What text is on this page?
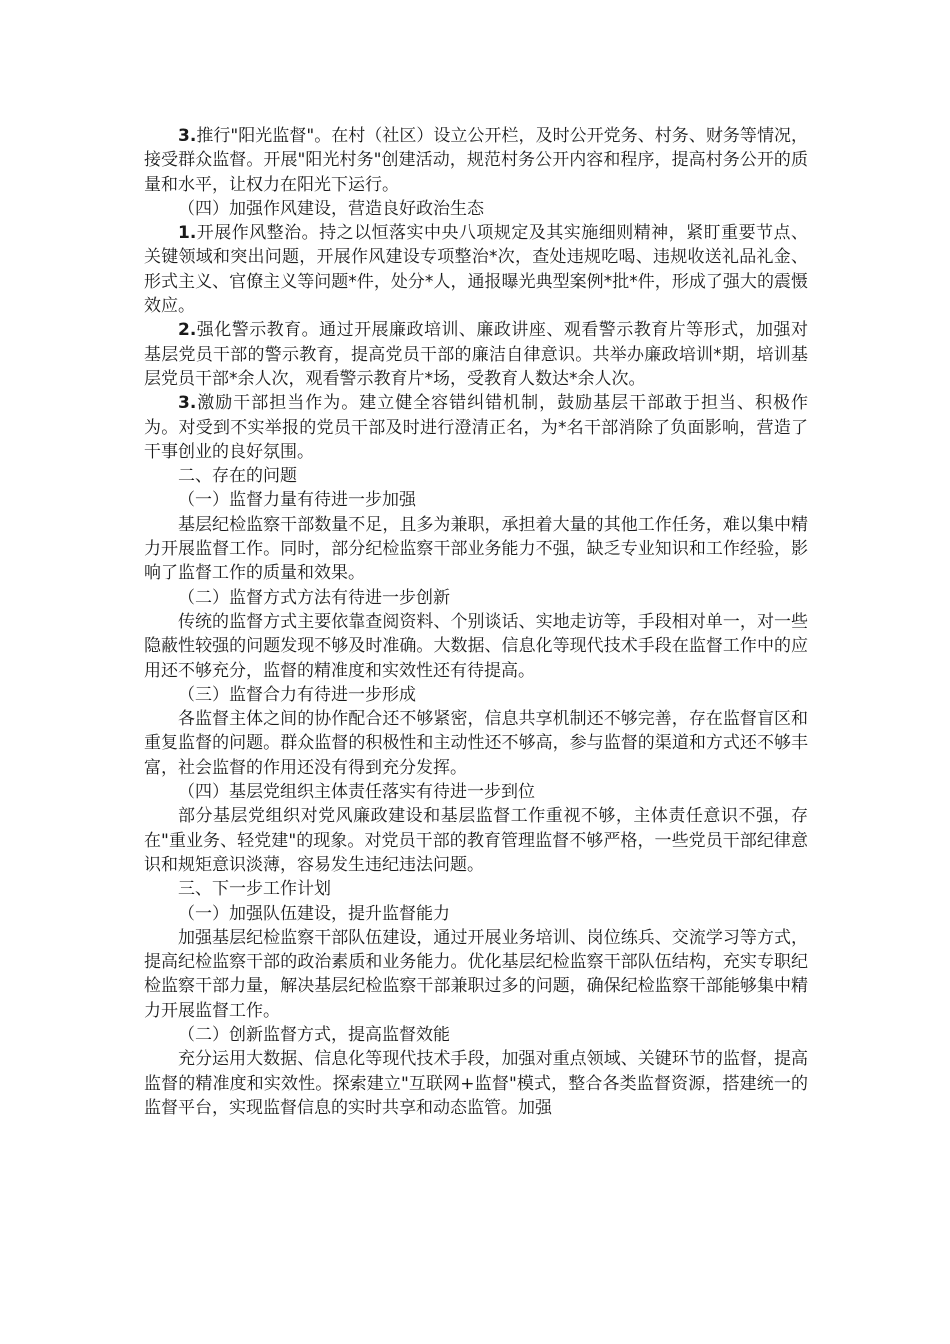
3.推行"阳光监督"。在村（社区）设立公开栏，及时公开党务、村务、财务等情况，接受群众监督。开展"阳光村务"创建活动，规范村务公开内容和程序，提高村务公开的质量和水平，让权力在阳光下运行。

（四）加强作风建设，营造良好政治生态

1.开展作风整治。持之以恒落实中央八项规定及其实施细则精神，紧盯重要节点、关键领域和突出问题，开展作风建设专项整治*次，查处违规吃喝、违规收送礼品礼金、形式主义、官僚主义等问题*件，处分*人，通报曝光典型案例*批*件，形成了强大的震慑效应。

2.强化警示教育。通过开展廉政培训、廉政讲座、观看警示教育片等形式，加强对基层党员干部的警示教育，提高党员干部的廉洁自律意识。共举办廉政培训*期，培训基层党员干部*余人次，观看警示教育片*场，受教育人数达*余人次。

3.激励干部担当作为。建立健全容错纠错机制，鼓励基层干部敢于担当、积极作为。对受到不实举报的党员干部及时进行澄清正名，为*名干部消除了负面影响，营造了干事创业的良好氛围。

二、存在的问题

（一）监督力量有待进一步加强

基层纪检监察干部数量不足，且多为兼职，承担着大量的其他工作任务，难以集中精力开展监督工作。同时，部分纪检监察干部业务能力不强，缺乏专业知识和工作经验，影响了监督工作的质量和效果。

（二）监督方式方法有待进一步创新

传统的监督方式主要依靠查阅资料、个别谈话、实地走访等，手段相对单一，对一些隐蔽性较强的问题发现不够及时准确。大数据、信息化等现代技术手段在监督工作中的应用还不够充分，监督的精准度和实效性还有待提高。

（三）监督合力有待进一步形成

各监督主体之间的协作配合还不够紧密，信息共享机制还不够完善，存在监督盲区和重复监督的问题。群众监督的积极性和主动性还不够高，参与监督的渠道和方式还不够丰富，社会监督的作用还没有得到充分发挥。

（四）基层党组织主体责任落实有待进一步到位

部分基层党组织对党风廉政建设和基层监督工作重视不够，主体责任意识不强，存在"重业务、轻党建"的现象。对党员干部的教育管理监督不够严格，一些党员干部纪律意识和规矩意识淡薄，容易发生违纪违法问题。

三、下一步工作计划

（一）加强队伍建设，提升监督能力

加强基层纪检监察干部队伍建设，通过开展业务培训、岗位练兵、交流学习等方式，提高纪检监察干部的政治素质和业务能力。优化基层纪检监察干部队伍结构，充实专职纪检监察干部力量，解决基层纪检监察干部兼职过多的问题，确保纪检监察干部能够集中精力开展监督工作。

（二）创新监督方式，提高监督效能

充分运用大数据、信息化等现代技术手段，加强对重点领域、关键环节的监督，提高监督的精准度和实效性。探索建立"互联网+监督"模式，整合各类监督资源，搭建统一的监督平台，实现监督信息的实时共享和动态监管。加强
